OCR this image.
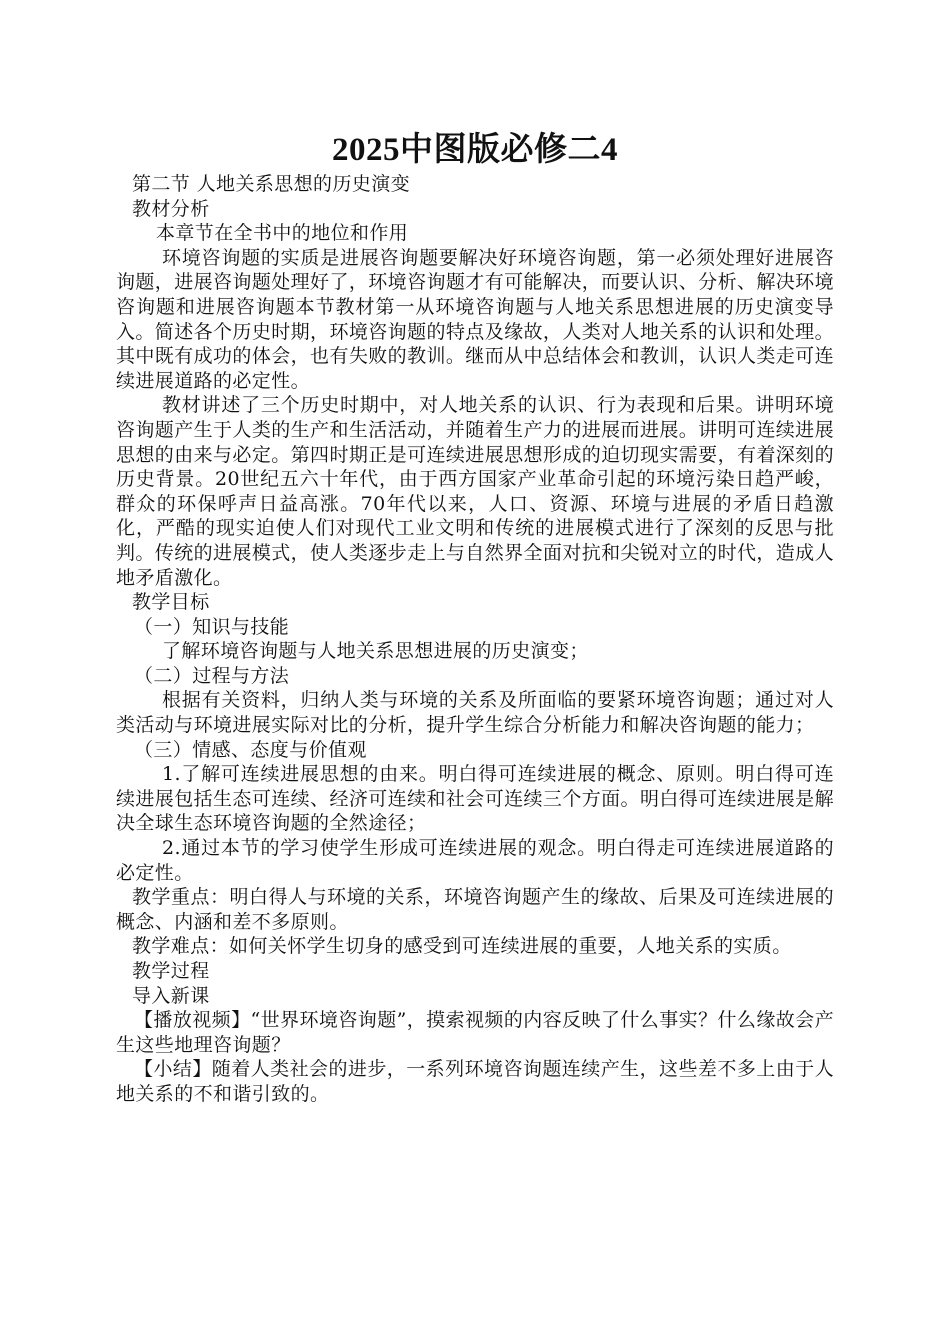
2025中图版必修二4

第二节 人地关系思想的历史演变

教材分析

本章节在全书中的地位和作用

环境咨询题的实质是进展咨询题要解决好环境咨询题，第一必须处理好进展咨询题，进展咨询题处理好了，环境咨询题才有可能解决，而要认识、分析、解决环境咨询题和进展咨询题本节教材第一从环境咨询题与人地关系思想进展的历史演变导入。简述各个历史时期，环境咨询题的特点及缘故，人类对人地关系的认识和处理。其中既有成功的体会，也有失败的教训。继而从中总结体会和教训，认识人类走可连续进展道路的必定性。

教材讲述了三个历史时期中，对人地关系的认识、行为表现和后果。讲明环境咨询题产生于人类的生产和生活活动，并随着生产力的进展而进展。讲明可连续进展思想的由来与必定。第四时期正是可连续进展思想形成的迫切现实需要，有着深刻的历史背景。20世纪五六十年代，由于西方国家产业革命引起的环境污染日趋严峻，群众的环保呼声日益高涨。70年代以来，人口、资源、环境与进展的矛盾日趋激化，严酷的现实迫使人们对现代工业文明和传统的进展模式进行了深刻的反思与批判。传统的进展模式，使人类逐步走上与自然界全面对抗和尖锐对立的时代，造成人地矛盾激化。

教学目标

（一）知识与技能

了解环境咨询题与人地关系思想进展的历史演变；

（二）过程与方法

根据有关资料，归纳人类与环境的关系及所面临的要紧环境咨询题；通过对人类活动与环境进展实际对比的分析，提升学生综合分析能力和解决咨询题的能力；

（三）情感、态度与价值观

1.了解可连续进展思想的由来。明白得可连续进展的概念、原则。明白得可连续进展包括生态可连续、经济可连续和社会可连续三个方面。明白得可连续进展是解决全球生态环境咨询题的全然途径；

2.通过本节的学习使学生形成可连续进展的观念。明白得走可连续进展道路的必定性。

教学重点：明白得人与环境的关系，环境咨询题产生的缘故、后果及可连续进展的概念、内涵和差不多原则。

教学难点：如何关怀学生切身的感受到可连续进展的重要，人地关系的实质。

教学过程

导入新课

【播放视频】“世界环境咨询题”，摸索视频的内容反映了什么事实？什么缘故会产生这些地理咨询题？

【小结】随着人类社会的进步，一系列环境咨询题连续产生，这些差不多上由于人地关系的不和谐引致的。
